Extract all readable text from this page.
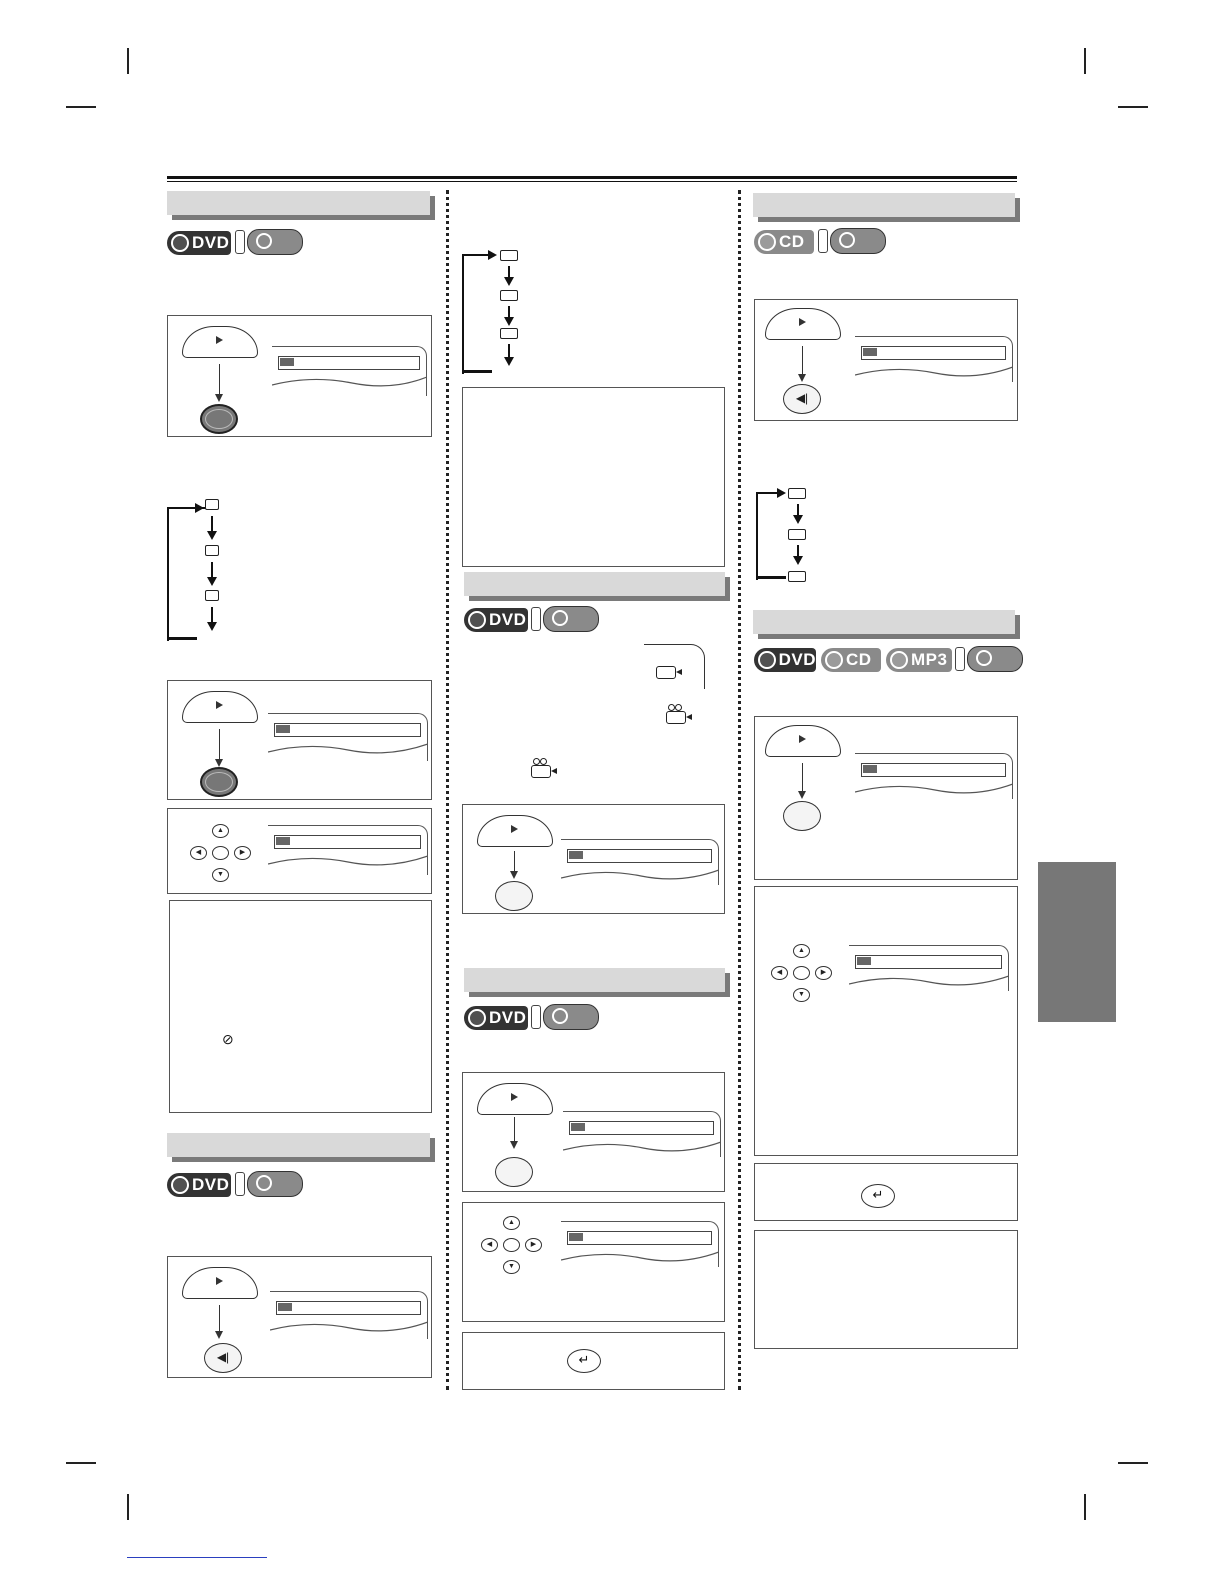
DVD
▲
◀	▶
▼
⊘
DVD
◀|
DVD
DVD
▲
◀	▶
▼
↵
CD
◀|
DVD CD MP3
▲
◀	▶
▼
↵
